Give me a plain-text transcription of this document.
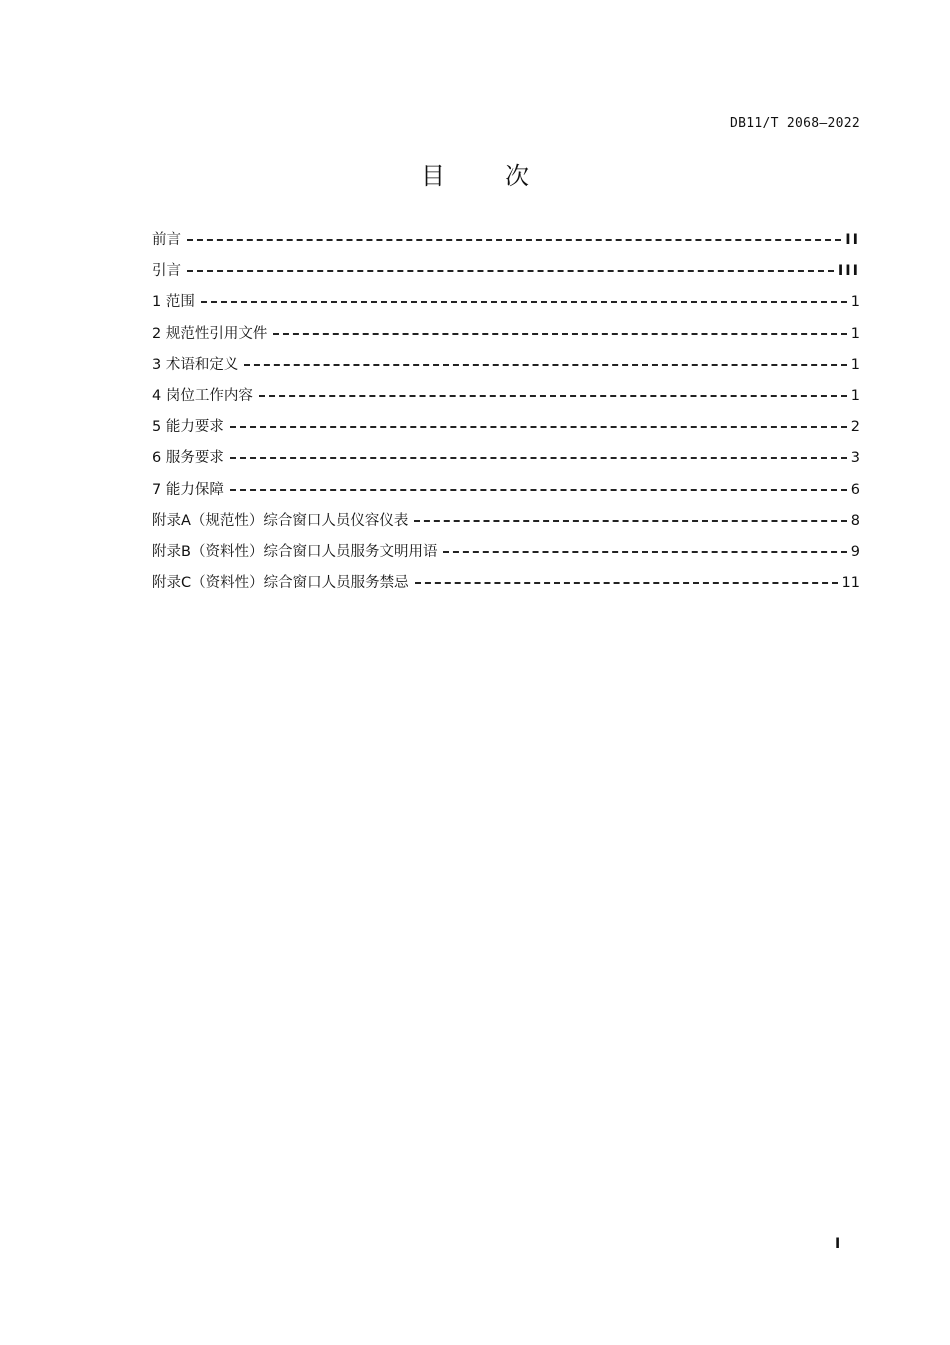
DB11/T 2068—2022
目次
前言	II
引言	III
1 范围	1
2 规范性引用文件	1
3 术语和定义	1
4 岗位工作内容	1
5 能力要求	2
6 服务要求	3
7 能力保障	6
附录A（规范性）综合窗口人员仪容仪表	8
附录B（资料性）综合窗口人员服务文明用语	9
附录C（资料性）综合窗口人员服务禁忌	11
I
